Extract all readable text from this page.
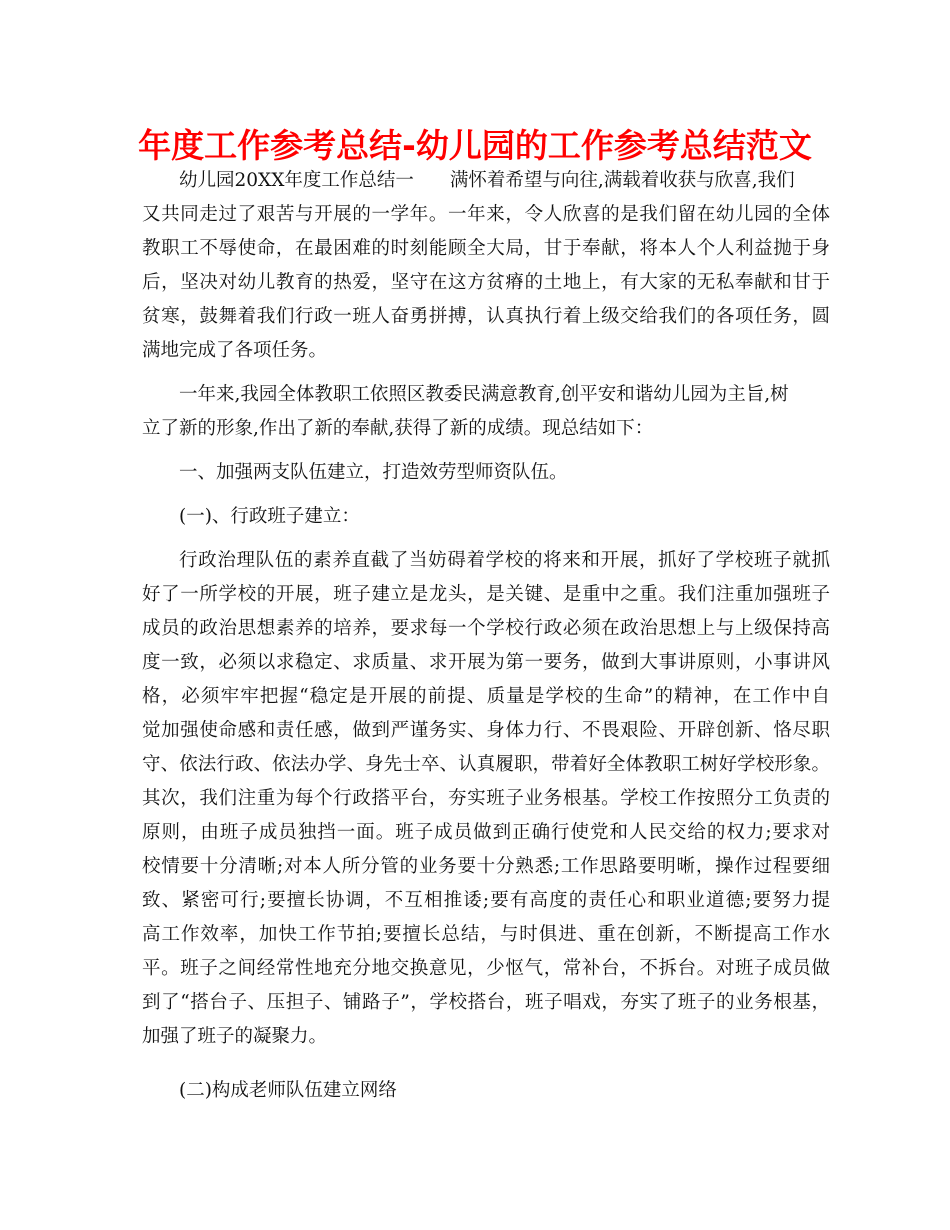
年度工作参考总结-幼儿园的工作参考总结范文
幼儿园20XX年度工作总结一 满怀着希望与向往,满载着收获与欣喜,我们
又共同走过了艰苦与开展的一学年。一年来，令人欣喜的是我们留在幼儿园的全体
教职工不辱使命，在最困难的时刻能顾全大局，甘于奉献，将本人个人利益抛于身
后，坚决对幼儿教育的热爱，坚守在这方贫瘠的土地上，有大家的无私奉献和甘于
贫寒，鼓舞着我们行政一班人奋勇拼搏，认真执行着上级交给我们的各项任务，圆
满地完成了各项任务。
一年来,我园全体教职工依照区教委民满意教育,创平安和谐幼儿园为主旨,树
立了新的形象,作出了新的奉献,获得了新的成绩。现总结如下：
一、加强两支队伍建立，打造效劳型师资队伍。
(一)、行政班子建立：
行政治理队伍的素养直截了当妨碍着学校的将来和开展，抓好了学校班子就抓
好了一所学校的开展，班子建立是龙头，是关键、是重中之重。我们注重加强班子
成员的政治思想素养的培养，要求每一个学校行政必须在政治思想上与上级保持高
度一致，必须以求稳定、求质量、求开展为第一要务，做到大事讲原则，小事讲风
格，必须牢牢把握“稳定是开展的前提、质量是学校的生命”的精神，在工作中自
觉加强使命感和责任感，做到严谨务实、身体力行、不畏艰险、开辟创新、恪尽职
守、依法行政、依法办学、身先士卒、认真履职，带着好全体教职工树好学校形象。
其次，我们注重为每个行政搭平台，夯实班子业务根基。学校工作按照分工负责的
原则，由班子成员独挡一面。班子成员做到正确行使党和人民交给的权力;要求对
校情要十分清晰;对本人所分管的业务要十分熟悉;工作思路要明晰，操作过程要细
致、紧密可行;要擅长协调，不互相推诿;要有高度的责任心和职业道德;要努力提
高工作效率，加快工作节拍;要擅长总结，与时俱进、重在创新，不断提高工作水
平。班子之间经常性地充分地交换意见，少怄气，常补台，不拆台。对班子成员做
到了“搭台子、压担子、铺路子”，学校搭台，班子唱戏，夯实了班子的业务根基，
加强了班子的凝聚力。
(二)构成老师队伍建立网络
